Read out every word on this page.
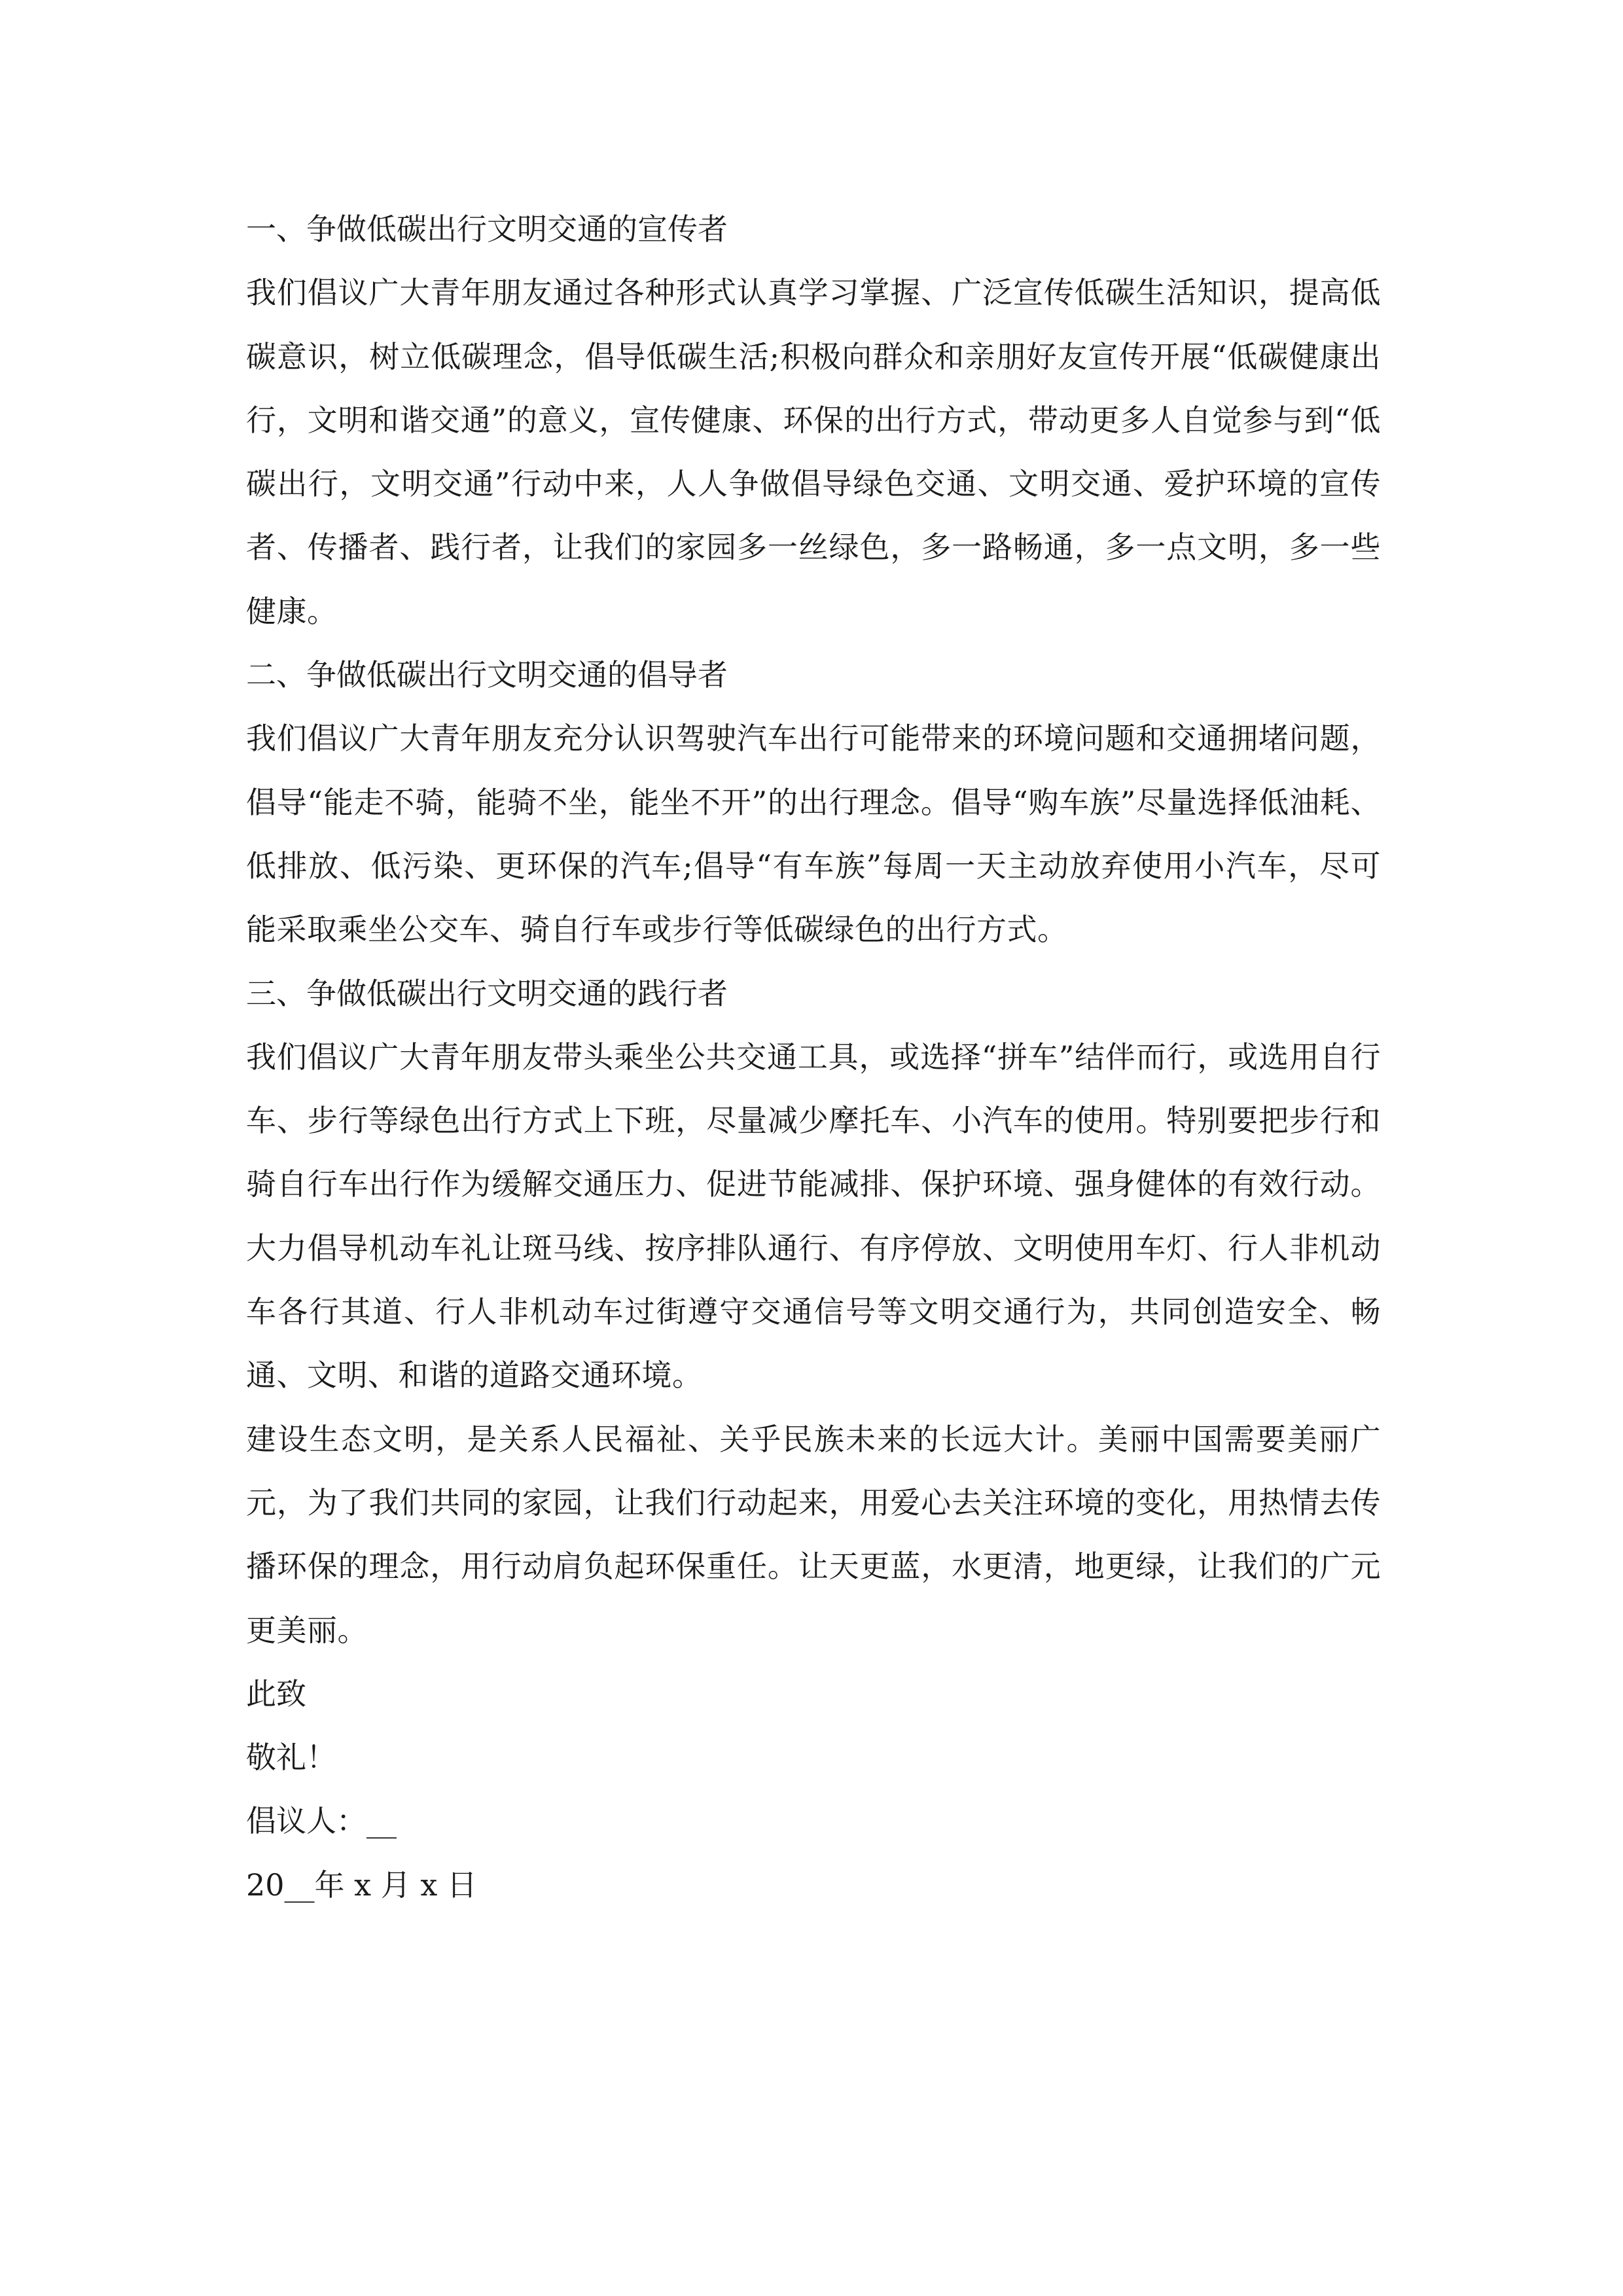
一、争做低碳出行文明交通的宣传者

我们倡议广大青年朋友通过各种形式认真学习掌握、广泛宣传低碳生活知识，提高低碳意识，树立低碳理念，倡导低碳生活;积极向群众和亲朋好友宣传开展“低碳健康出行，文明和谐交通”的意义，宣传健康、环保的出行方式，带动更多人自觉参与到“低碳出行，文明交通”行动中来，人人争做倡导绿色交通、文明交通、爱护环境的宣传者、传播者、践行者，让我们的家园多一丝绿色，多一路畅通，多一点文明，多一些健康。

二、争做低碳出行文明交通的倡导者

我们倡议广大青年朋友充分认识驾驶汽车出行可能带来的环境问题和交通拥堵问题，倡导“能走不骑，能骑不坐，能坐不开”的出行理念。倡导“购车族”尽量选择低油耗、低排放、低污染、更环保的汽车;倡导“有车族”每周一天主动放弃使用小汽车，尽可能采取乘坐公交车、骑自行车或步行等低碳绿色的出行方式。

三、争做低碳出行文明交通的践行者

我们倡议广大青年朋友带头乘坐公共交通工具，或选择“拼车”结伴而行，或选用自行车、步行等绿色出行方式上下班，尽量减少摩托车、小汽车的使用。特别要把步行和骑自行车出行作为缓解交通压力、促进节能减排、保护环境、强身健体的有效行动。大力倡导机动车礼让斑马线、按序排队通行、有序停放、文明使用车灯、行人非机动车各行其道、行人非机动车过街遵守交通信号等文明交通行为，共同创造安全、畅通、文明、和谐的道路交通环境。

建设生态文明，是关系人民福祉、关乎民族未来的长远大计。美丽中国需要美丽广元，为了我们共同的家园，让我们行动起来，用爱心去关注环境的变化，用热情去传播环保的理念，用行动肩负起环保重任。让天更蓝，水更清，地更绿，让我们的广元更美丽。

此致

敬礼！

倡议人：__

20__年 x 月 x 日
